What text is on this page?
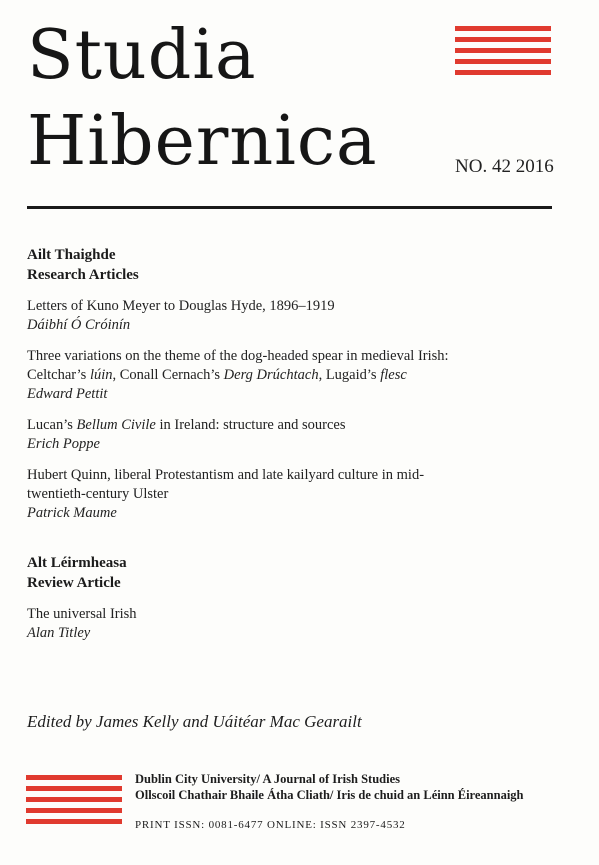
Studia
Hibernica	NO. 42 2016
Ailt Thaighde
Research Articles
Letters of Kuno Meyer to Douglas Hyde, 1896–1919
Dáibhí Ó Cróinín
Three variations on the theme of the dog-headed spear in medieval Irish: Celtchar’s lúin, Conall Cernach’s Derg Drúchtach, Lugaid’s flesc
Edward Pettit
Lucan’s Bellum Civile in Ireland: structure and sources
Erich Poppe
Hubert Quinn, liberal Protestantism and late kailyard culture in mid-twentieth-century Ulster
Patrick Maume
Alt Léirmheasa
Review Article
The universal Irish
Alan Titley
Edited by James Kelly and Uáitéar Mac Gearailt
Dublin City University/ A Journal of Irish Studies
Ollscoil Chathair Bhaile Átha Cliath/ Iris de chuid an Léinn Éireannaigh
PRINT ISSN: 0081-6477 ONLINE: ISSN 2397-4532
